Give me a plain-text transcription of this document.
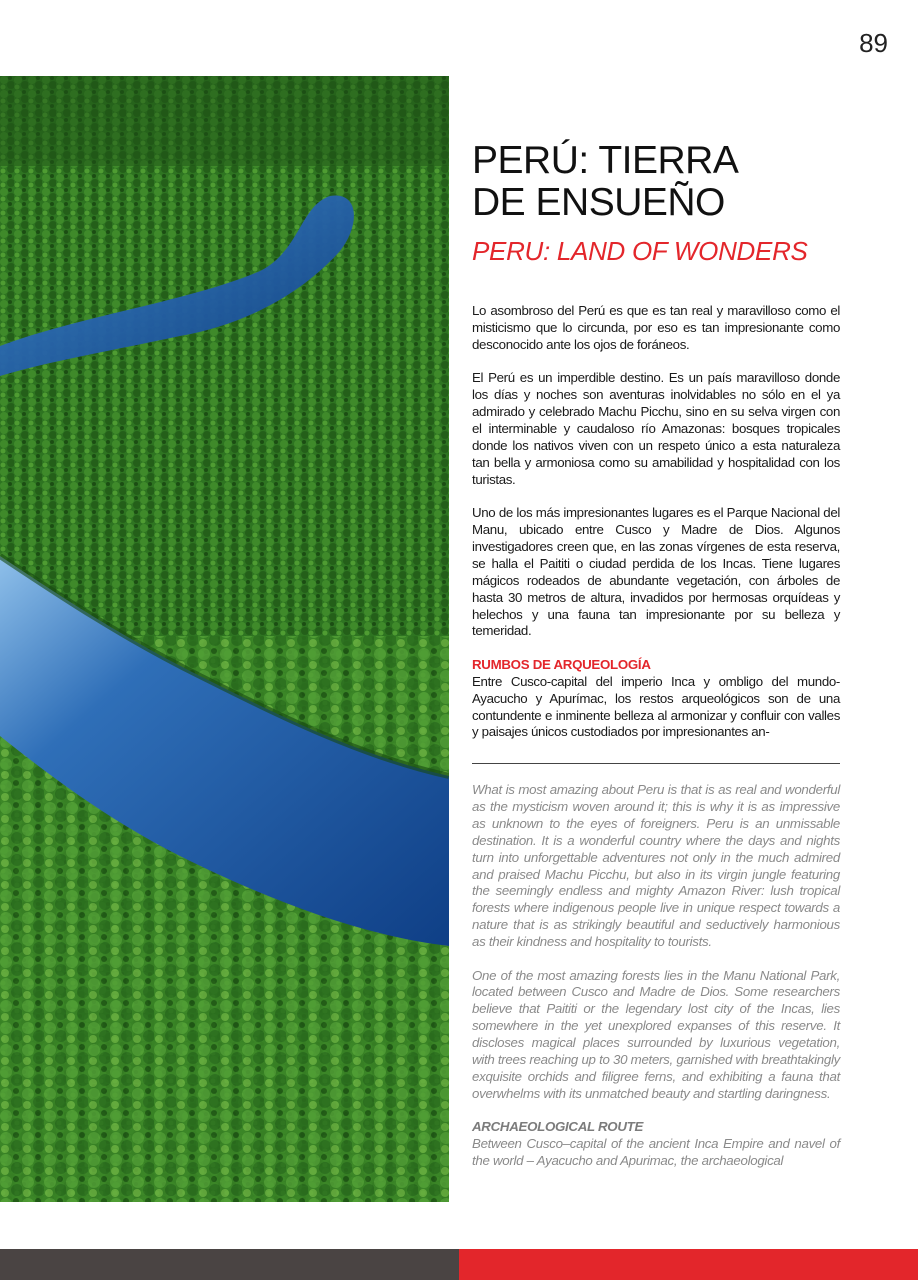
89
PERÚ: TIERRA
DE ENSUEÑO
PERU: LAND OF WONDERS

Lo asombroso del Perú es que es tan real y maravilloso como el misticismo que lo circunda, por eso es tan impresionante como desconocido ante los ojos de foráneos.

El Perú es un imperdible destino. Es un país maravilloso donde los días y noches son aventuras inolvidables no sólo en el ya admirado y celebrado Machu Picchu, sino en su selva virgen con el interminable y caudaloso río Amazonas: bosques tropicales donde los nativos viven con un respeto único a esta naturaleza tan bella y armoniosa como su amabilidad y hospitalidad con los turistas.

Uno de los más impresionantes lugares es el Parque Nacional del Manu, ubicado entre Cusco y Madre de Dios. Algunos investigadores creen que, en las zonas vírgenes de esta reserva, se halla el Paititi o ciudad perdida de los Incas. Tiene lugares mágicos rodeados de abundante vegetación, con árboles de hasta 30 metros de altura, invadidos por hermosas orquídeas y helechos y una fauna tan impresionante por su belleza y temeridad.

RUMBOS DE ARQUEOLOGÍA

Entre Cusco-capital del imperio Inca y ombligo del mundo-Ayacucho y Apurímac, los restos arqueológicos son de una contundente e inminente belleza al armonizar y confluir con valles y paisajes únicos custodiados por impresionantes an-

What is most amazing about Peru is that is as real and wonderful as the mysticism woven around it; this is why it is as impressive as unknown to the eyes of foreigners. Peru is an unmissable destination. It is a wonderful country where the days and nights turn into unforgettable adventures not only in the much admired and praised Machu Picchu, but also in its virgin jungle featuring the seemingly endless and mighty Amazon River: lush tropical forests where indigenous people live in unique respect towards a nature that is as strikingly beautiful and seductively harmonious as their kindness and hospitality to tourists.

One of the most amazing forests lies in the Manu National Park, located between Cusco and Madre de Dios. Some researchers believe that Paititi or the legendary lost city of the Incas, lies somewhere in the yet unexplored expanses of this reserve. It discloses magical places surrounded by luxurious vegetation, with trees reaching up to 30 meters, garnished with breathtakingly exquisite orchids and filigree ferns, and exhibiting a fauna that overwhelms with its unmatched beauty and startling daringness.

ARCHAEOLOGICAL ROUTE

Between Cusco–capital of the ancient Inca Empire and navel of the world – Ayacucho and Apurimac, the archaeological
